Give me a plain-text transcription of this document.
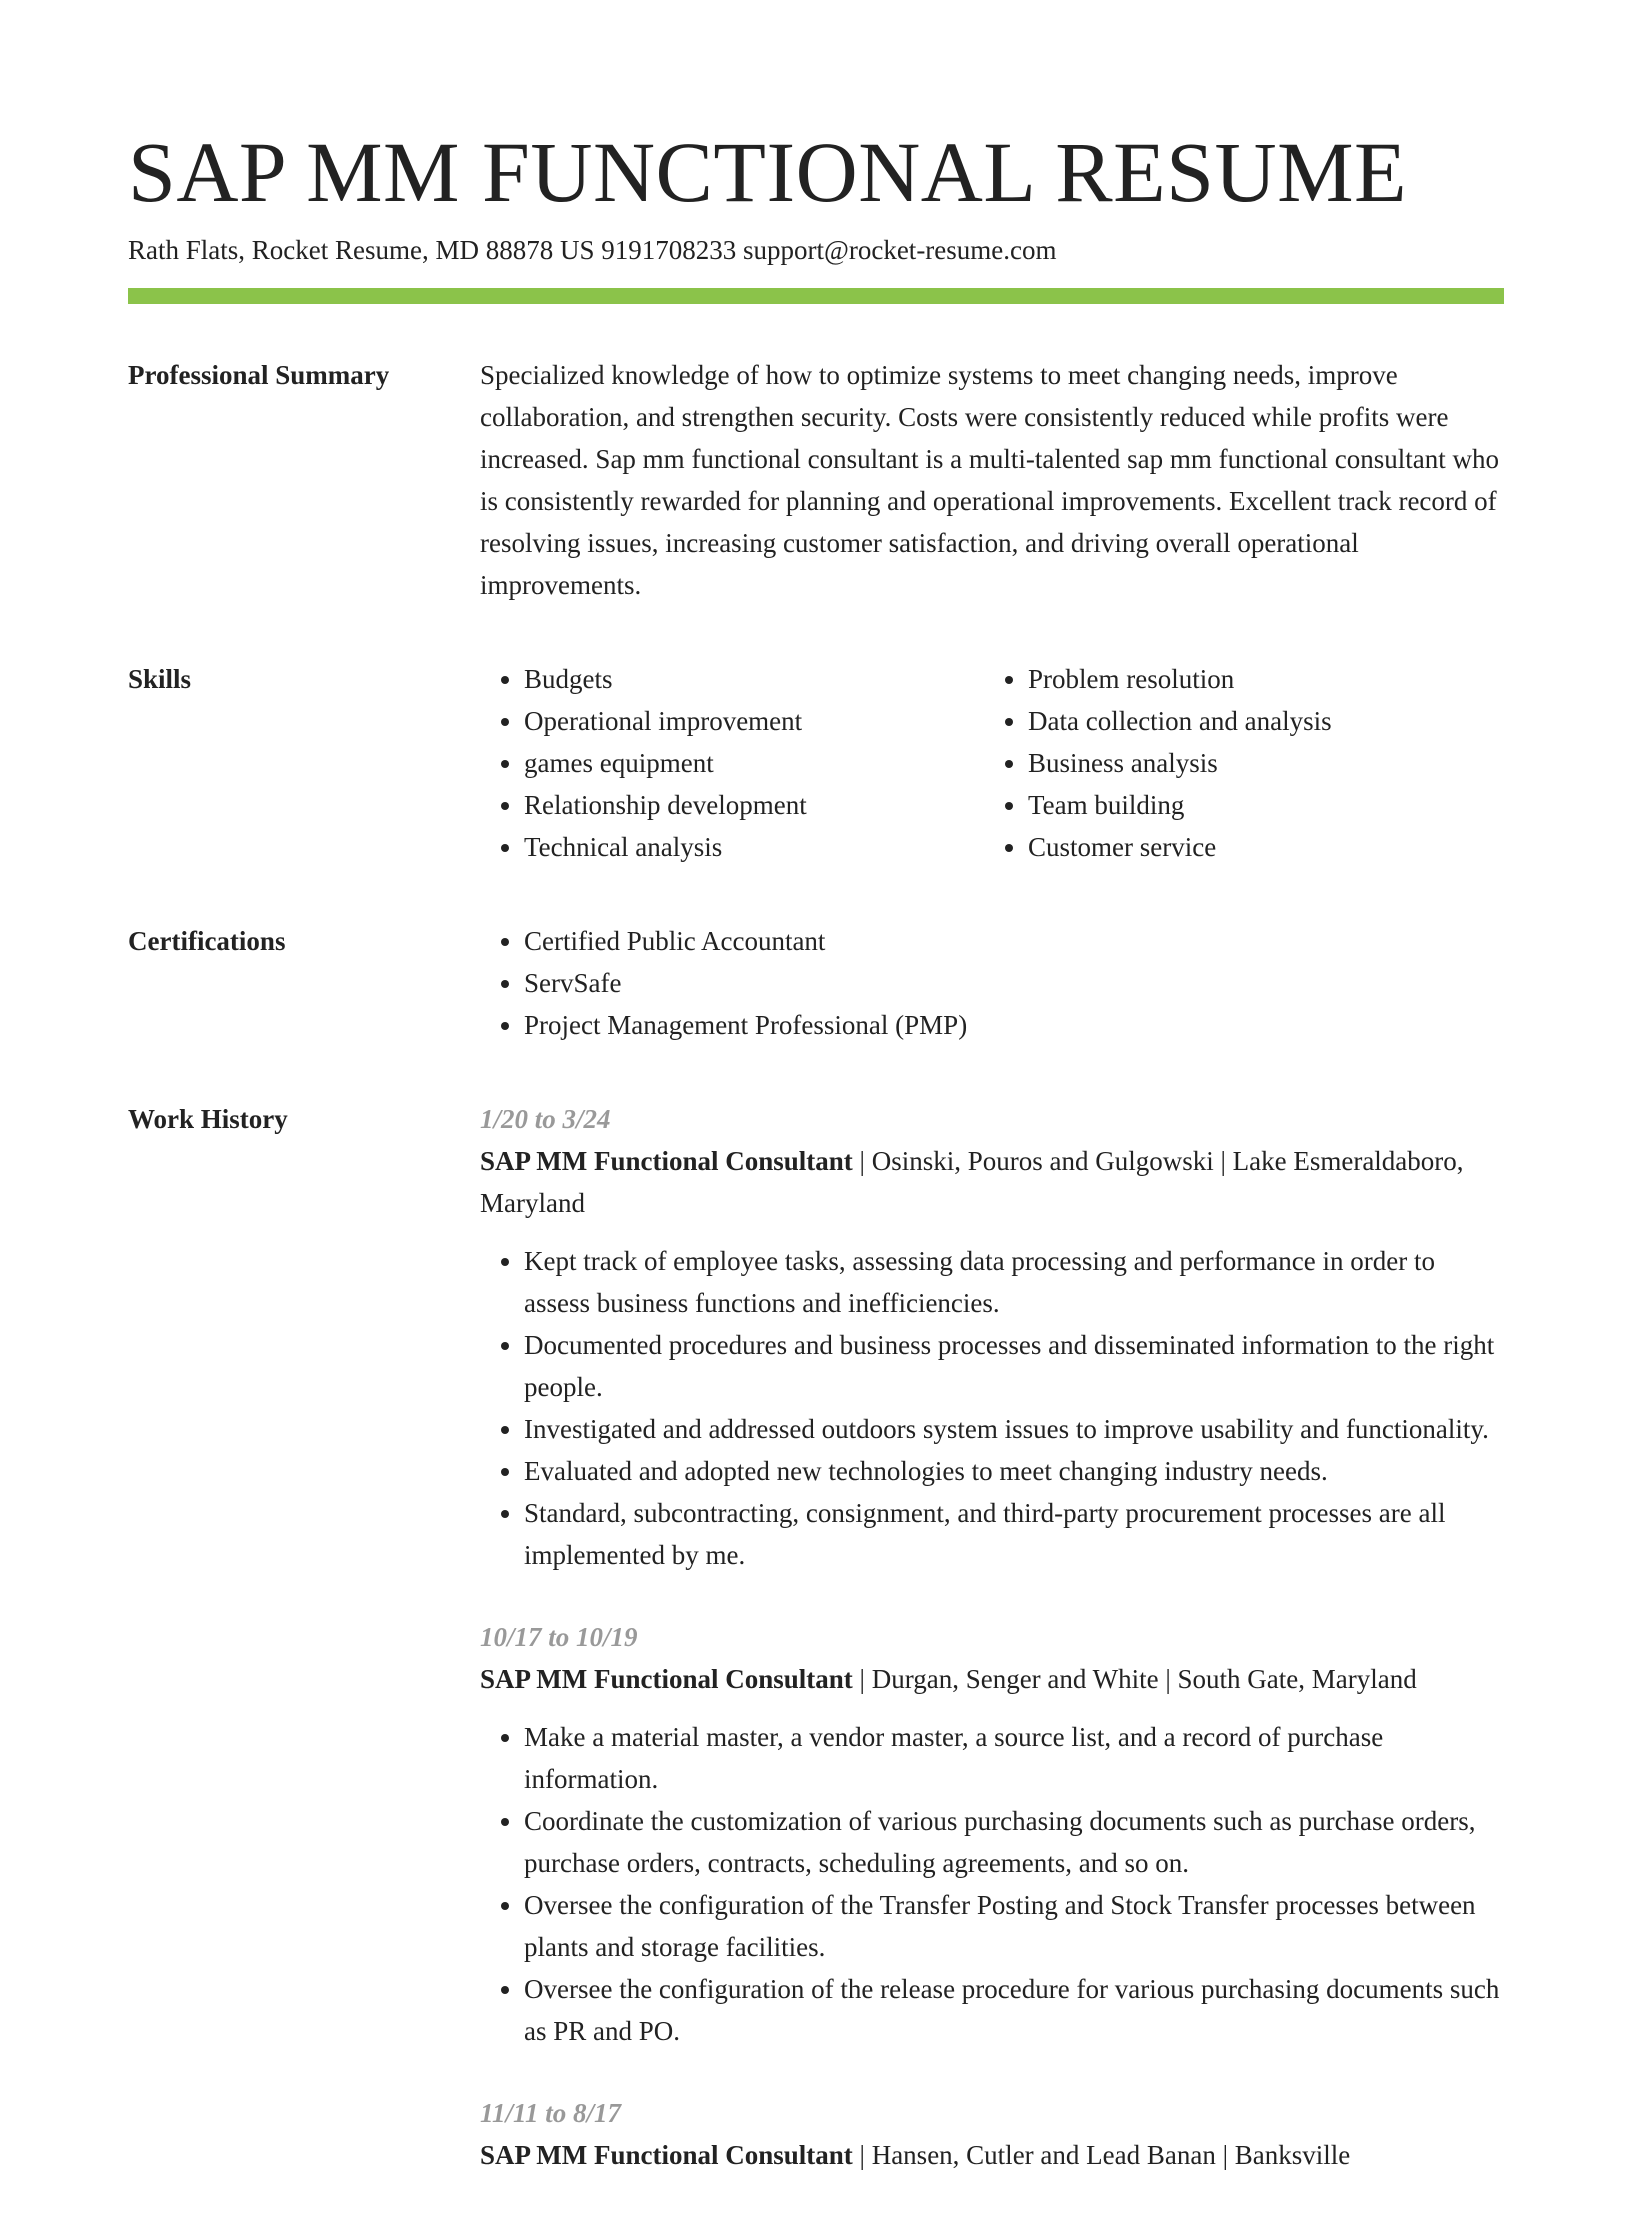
SAP MM FUNCTIONAL RESUME
Rath Flats, Rocket Resume, MD 88878 US 9191708233 support@rocket-resume.com
Professional Summary	Specialized knowledge of how to optimize systems to meet changing needs, improve collaboration, and strengthen security. Costs were consistently reduced while profits were increased. Sap mm functional consultant is a multi-talented sap mm functional consultant who is consistently rewarded for planning and operational improvements. Excellent track record of resolving issues, increasing customer satisfaction, and driving overall operational improvements.

Skills	• Budgets
• Operational improvement
• games equipment
• Relationship development
• Technical analysis
• Problem resolution
• Data collection and analysis
• Business analysis
• Team building
• Customer service
Certifications	• Certified Public Accountant
• ServSafe
• Project Management Professional (PMP)
Work History	1/20 to 3/24
SAP MM Functional Consultant | Osinski, Pouros and Gulgowski | Lake Esmeraldaboro, Maryland
• Kept track of employee tasks, assessing data processing and performance in order to assess business functions and inefficiencies.
• Documented procedures and business processes and disseminated information to the right people.
• Investigated and addressed outdoors system issues to improve usability and functionality.
• Evaluated and adopted new technologies to meet changing industry needs.
• Standard, subcontracting, consignment, and third-party procurement processes are all implemented by me.
10/17 to 10/19
SAP MM Functional Consultant | Durgan, Senger and White | South Gate, Maryland
• Make a material master, a vendor master, a source list, and a record of purchase information.
• Coordinate the customization of various purchasing documents such as purchase orders, purchase orders, contracts, scheduling agreements, and so on.
• Oversee the configuration of the Transfer Posting and Stock Transfer processes between plants and storage facilities.
• Oversee the configuration of the release procedure for various purchasing documents such as PR and PO.
11/11 to 8/17
SAP MM Functional Consultant | Hansen, Cutler and Lead Banan | Banksville
